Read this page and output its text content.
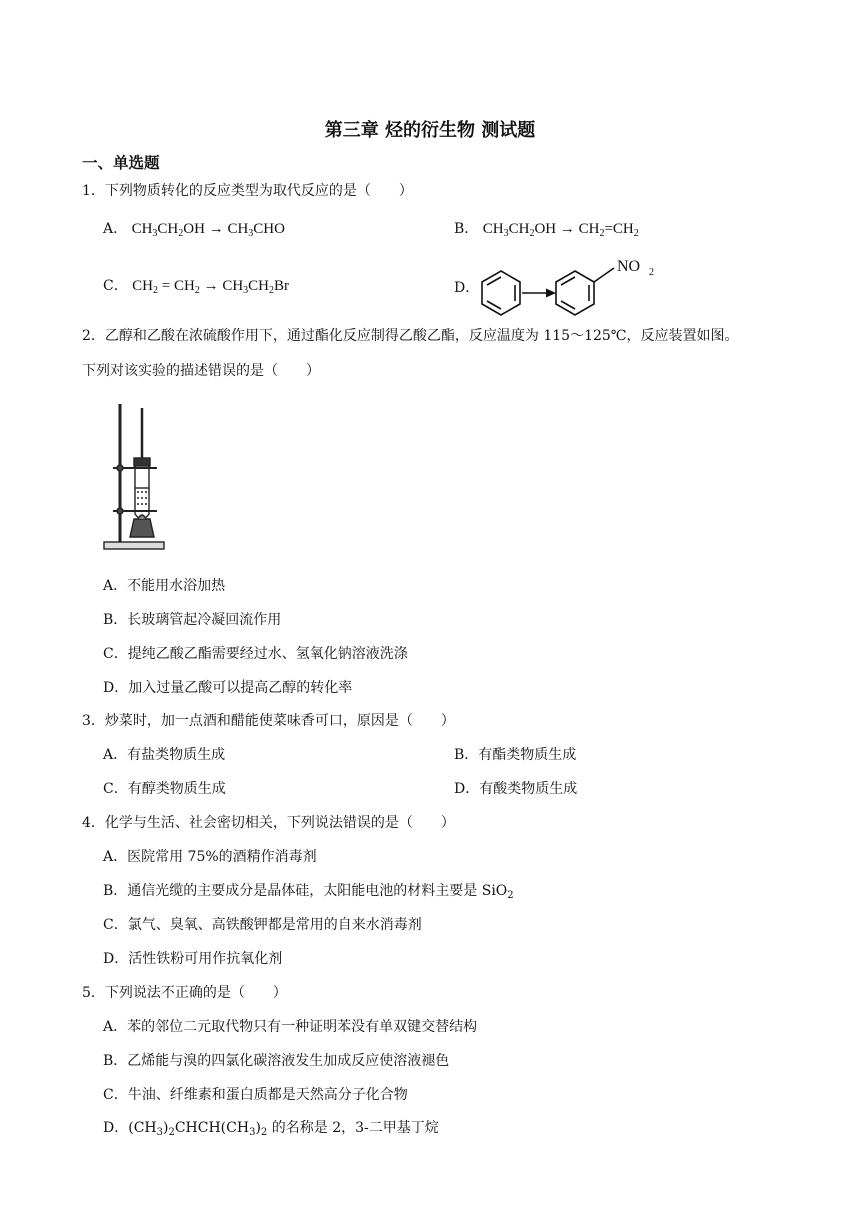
第三章 烃的衍生物 测试题
一、单选题
1．下列物质转化的反应类型为取代反应的是（　　）
A． $CH_3CH_2OH \to CH_3CHO$	B． $CH_3CH_2OH \to CH_2=CH_2$
C． $CH_2 = CH_2 \to CH_3CH_2Br$	D．
NO 2
2．乙醇和乙酸在浓硫酸作用下，通过酯化反应制得乙酸乙酯，反应温度为 115～125℃，反应装置如图。
下列对该实验的描述错误的是（　　）
A．不能用水浴加热
B．长玻璃管起冷凝回流作用
C．提纯乙酸乙酯需要经过水、氢氧化钠溶液洗涤
D．加入过量乙酸可以提高乙醇的转化率
3．炒菜时，加一点酒和醋能使菜味香可口，原因是（　　）
A．有盐类物质生成	B．有酯类物质生成
C．有醇类物质生成	D．有酸类物质生成
4．化学与生活、社会密切相关，下列说法错误的是（　　）
A．医院常用 75%的酒精作消毒剂
B．通信光缆的主要成分是晶体硅，太阳能电池的材料主要是 SiO$_2$
C．氯气、臭氧、高铁酸钾都是常用的自来水消毒剂
D．活性铁粉可用作抗氧化剂
5．下列说法不正确的是（　　）
A．苯的邻位二元取代物只有一种证明苯没有单双键交替结构
B．乙烯能与溴的四氯化碳溶液发生加成反应使溶液褪色
C．牛油、纤维素和蛋白质都是天然高分子化合物
D．$(CH_3)_2CHCH(CH_3)_2$ 的名称是 2，3-二甲基丁烷
